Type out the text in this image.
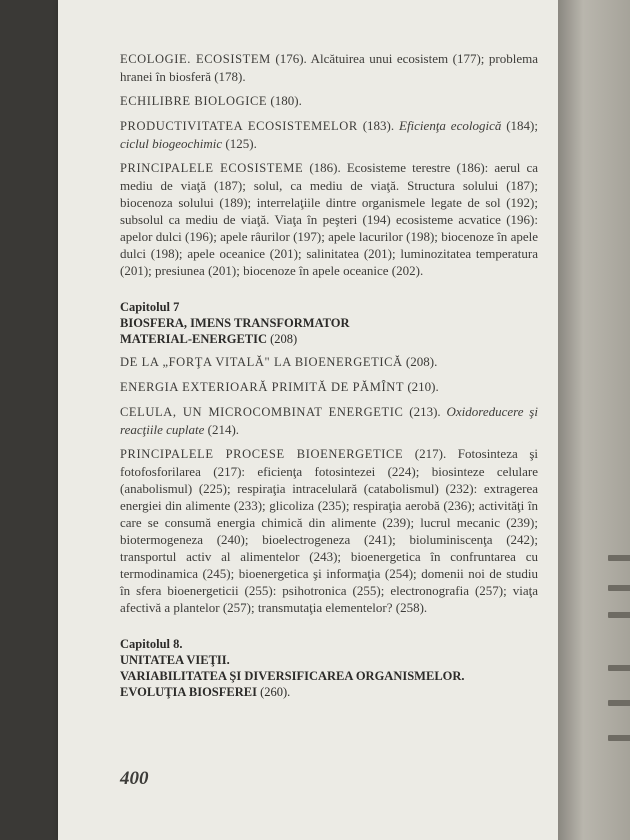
ECOLOGIE. ECOSISTEM (176). Alcătuirea unui ecosistem (177); problema hranei în biosferă (178).

ECHILIBRE BIOLOGICE (180).

PRODUCTIVITATEA ECOSISTEMELOR (183). Eficienţa ecologică (184); ciclul biogeochimic (125).

PRINCIPALELE ECOSISTEME (186). Ecosisteme terestre (186): aerul ca mediu de viaţă (187); solul, ca mediu de viaţă. Structura solului (187); biocenoza solului (189); interrelaţiile dintre organismele legate de sol (192); subsolul ca mediu de viaţă. Viaţa în peşteri (194) ecosisteme acvatice (196): apelor dulci (196); apele râurilor (197); apele lacurilor (198); biocenoze în apele dulci (198); apele oceanice (201); salinitatea (201); luminozitatea temperatura (201); presiunea (201); biocenoze în apele oceanice (202).

Capitolul 7
BIOSFERA, IMENS TRANSFORMATOR
MATERIAL-ENERGETIC (208)

DE LA „FORŢA VITALĂ" LA BIOENERGETICĂ (208).

ENERGIA EXTERIOARĂ PRIMITĂ DE PĂMÎNT (210).

CELULA, UN MICROCOMBINAT ENERGETIC (213). Oxidoreducere şi reacţiile cuplate (214).

PRINCIPALELE PROCESE BIOENERGETICE (217). Fotosinteza şi fotofosforilarea (217): eficienţa fotosintezei (224); biosinteze celulare (anabolismul) (225); respiraţia intracelulară (catabolismul) (232): extragerea energiei din alimente (233); glicoliza (235); respiraţia aerobă (236); activităţi în care se consumă energia chimică din alimente (239); lucrul mecanic (239); biotermogeneza (240); bioelectrogeneza (241); bioluminiscenţa (242); transportul activ al alimentelor (243); bioenergetica în confruntarea cu termodinamica (245); bioenergetica şi informaţia (254); domenii noi de studiu în sfera bioenergeticii (255): psihotronica (255); electronografia (257); viaţa afectivă a plantelor (257); transmutaţia elementelor? (258).

Capitolul 8.
UNITATEA VIEŢII.
VARIABILITATEA ŞI DIVERSIFICAREA ORGANISMELOR.
EVOLUŢIA BIOSFEREI (260).
400
